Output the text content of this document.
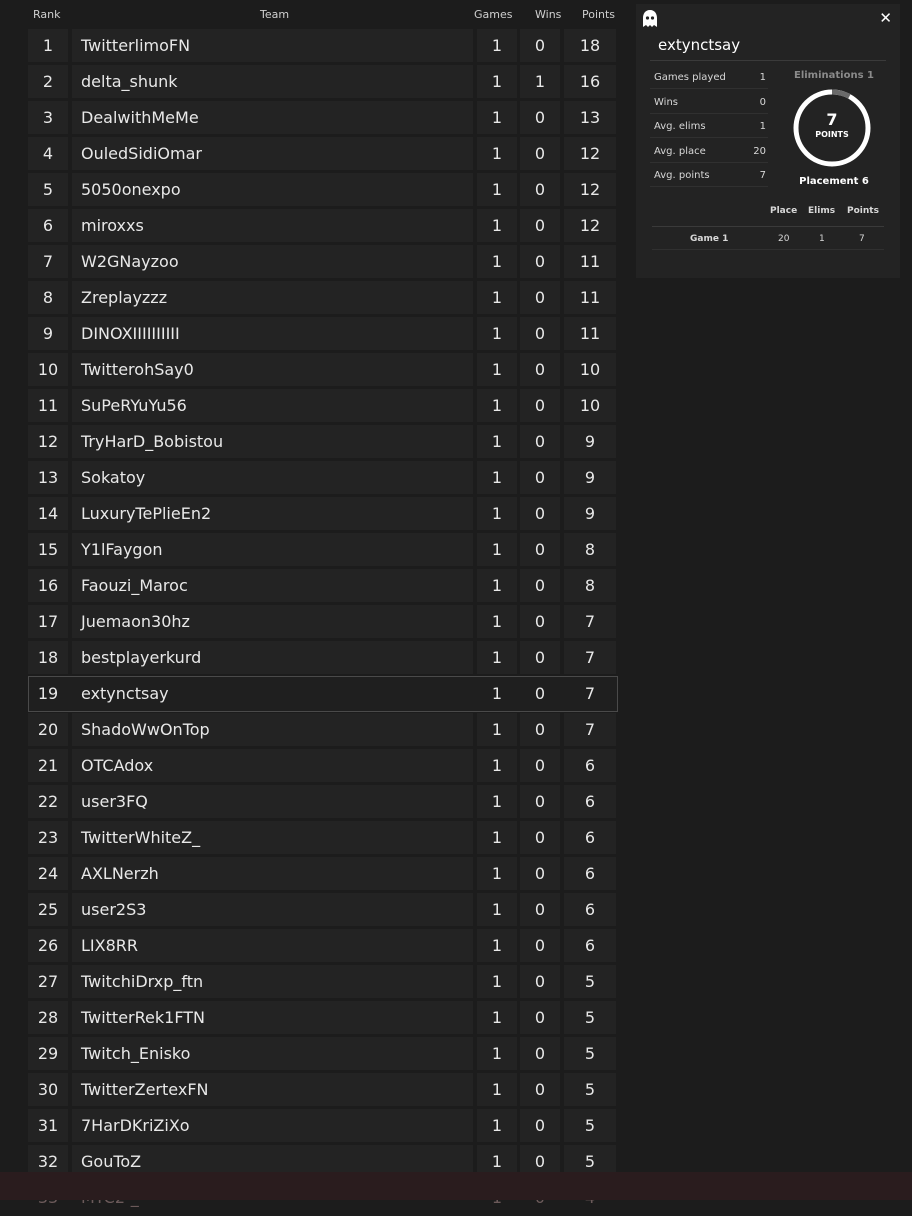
Rank	Team	Games Wins Points
1	TwitterlimoFN	1	0	18
2	delta_shunk	1	1	16
3	DealwithMeMe	1	0	13
4	OuledSidiOmar	1	0	12
5	5050onexpo	1	0	12
6	miroxxs	1	0	12
7	W2GNayzoo	1	0	11
8	Zreplayzzz	1	0	11
9	DINOXIIIIIIIIII	1	0	11
10	TwitterohSay0	1	0	10
11	SuPeRYuYu56	1	0	10
12	TryHarD_Bobistou	1	0	9
13	Sokatoy	1	0	9
14	LuxuryTePlieEn2	1	0	9
15	Y1lFaygon	1	0	8
16	Faouzi_Maroc	1	0	8
17	Juemaon30hz	1	0	7
18	bestplayerkurd	1	0	7
19	extynctsay	1	0	7
20	ShadoWwOnTop	1	0	7
21	OTCAdox	1	0	6
22	user3FQ	1	0	6
23	TwitterWhiteZ_	1	0	6
24	AXLNerzh	1	0	6
25	user2S3	1	0	6
26	LIX8RR	1	0	6
27	TwitchiDrxp_ftn	1	0	5
28	TwitterRek1FTN	1	0	5
29	Twitch_Enisko	1	0	5
30	TwitterZertexFN	1	0	5
31	7HarDKriZiXo	1	0	5
32	GouToZ	1	0	5
✕
extynctsay
Games played	1
Wins	0
Avg. elims	1
Avg. place	20
Avg. points	7
Eliminations 1
7
POINTS
Placement 6
Place Elims Points
Game 1	20	1	7
